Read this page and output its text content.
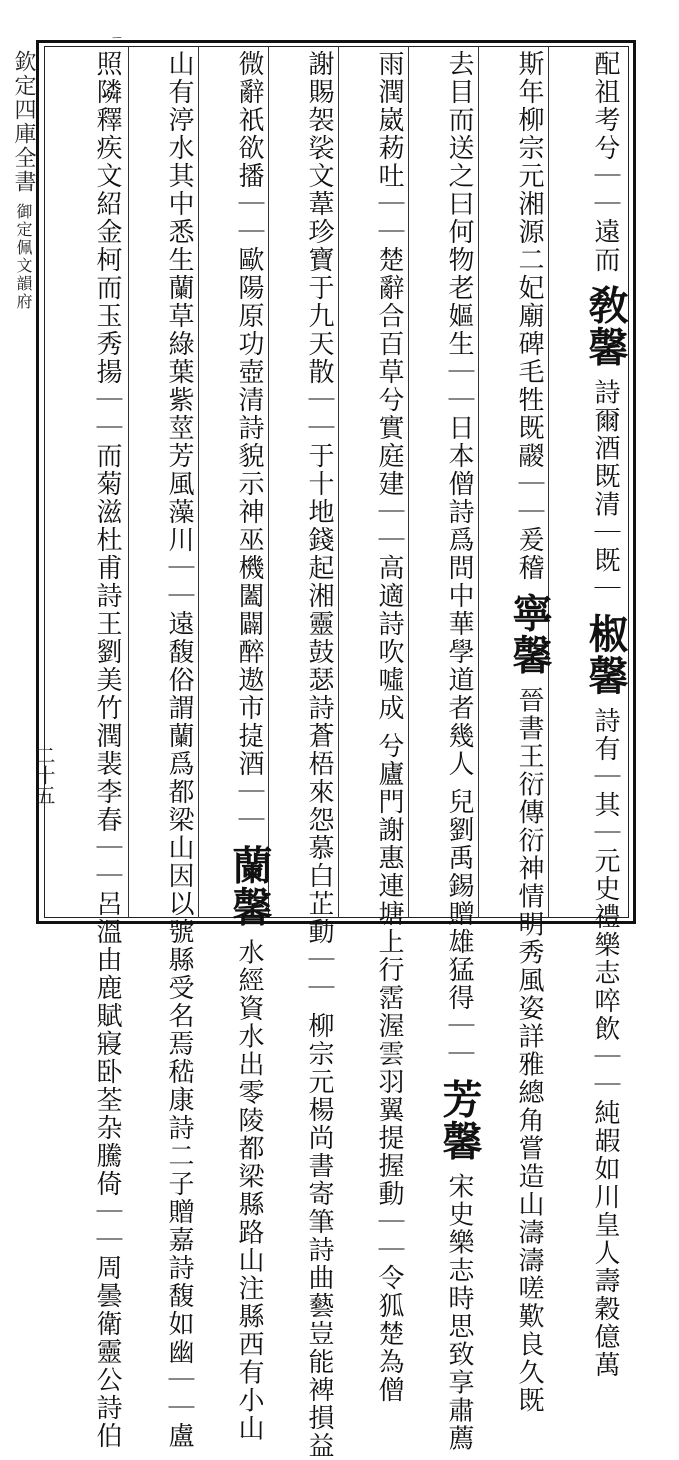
ㄧ
欽定四庫全書 御定佩文韻府
二十五
配祖考兮｜｜遠而 敎馨 詩爾酒既清｜既｜ 椒馨 詩有｜其｜元史禮樂志啐飲｜｜純嘏如川皇人壽穀億萬
斯年柳宗元湘源二妃廟碑毛牲既鬷｜｜爰稽 寧馨 晉書王衍傳衍神情明秀風姿詳雅總角嘗造山濤濤嗟歎良久既
去目而送之曰何物老嫗生｜｜日本僧詩爲問中華學道者幾人 兒劉禹錫贈雄猛得｜｜ 芳馨 宋史樂志時思致享肅薦
雨潤崴菞吐｜｜楚辭合百草兮實庭建｜｜高適詩吹噓成 兮廬門謝惠連塘上行霑渥雲羽翼提握動｜｜令狐楚為僧
謝賜袈裟文葦珍寶于九天散｜｜于十地錢起湘靈鼓瑟詩蒼梧來怨慕白芷動｜｜ 柳宗元楊尚書寄筆詩曲藝豈能裨損益
微辭祇欲播｜｜歐陽原功壺清詩貌示神巫機闔闢醉遨市㨗酒｜｜ 蘭馨 水經資水出零陵都梁縣路山注縣西有小山
山有渟水其中悉生蘭草綠葉紫莖芳風藻川｜｜遠馥俗謂蘭爲都梁山因以號縣受名焉嵇康詩二子贈嘉詩馥如幽｜｜盧
照隣釋疾文紹金柯而玉秀揚｜｜而菊滋杜甫詩王劉美竹潤裴李春｜｜呂溫由鹿賦寢卧荃杂騰倚｜｜周曇衛靈公詩伯
